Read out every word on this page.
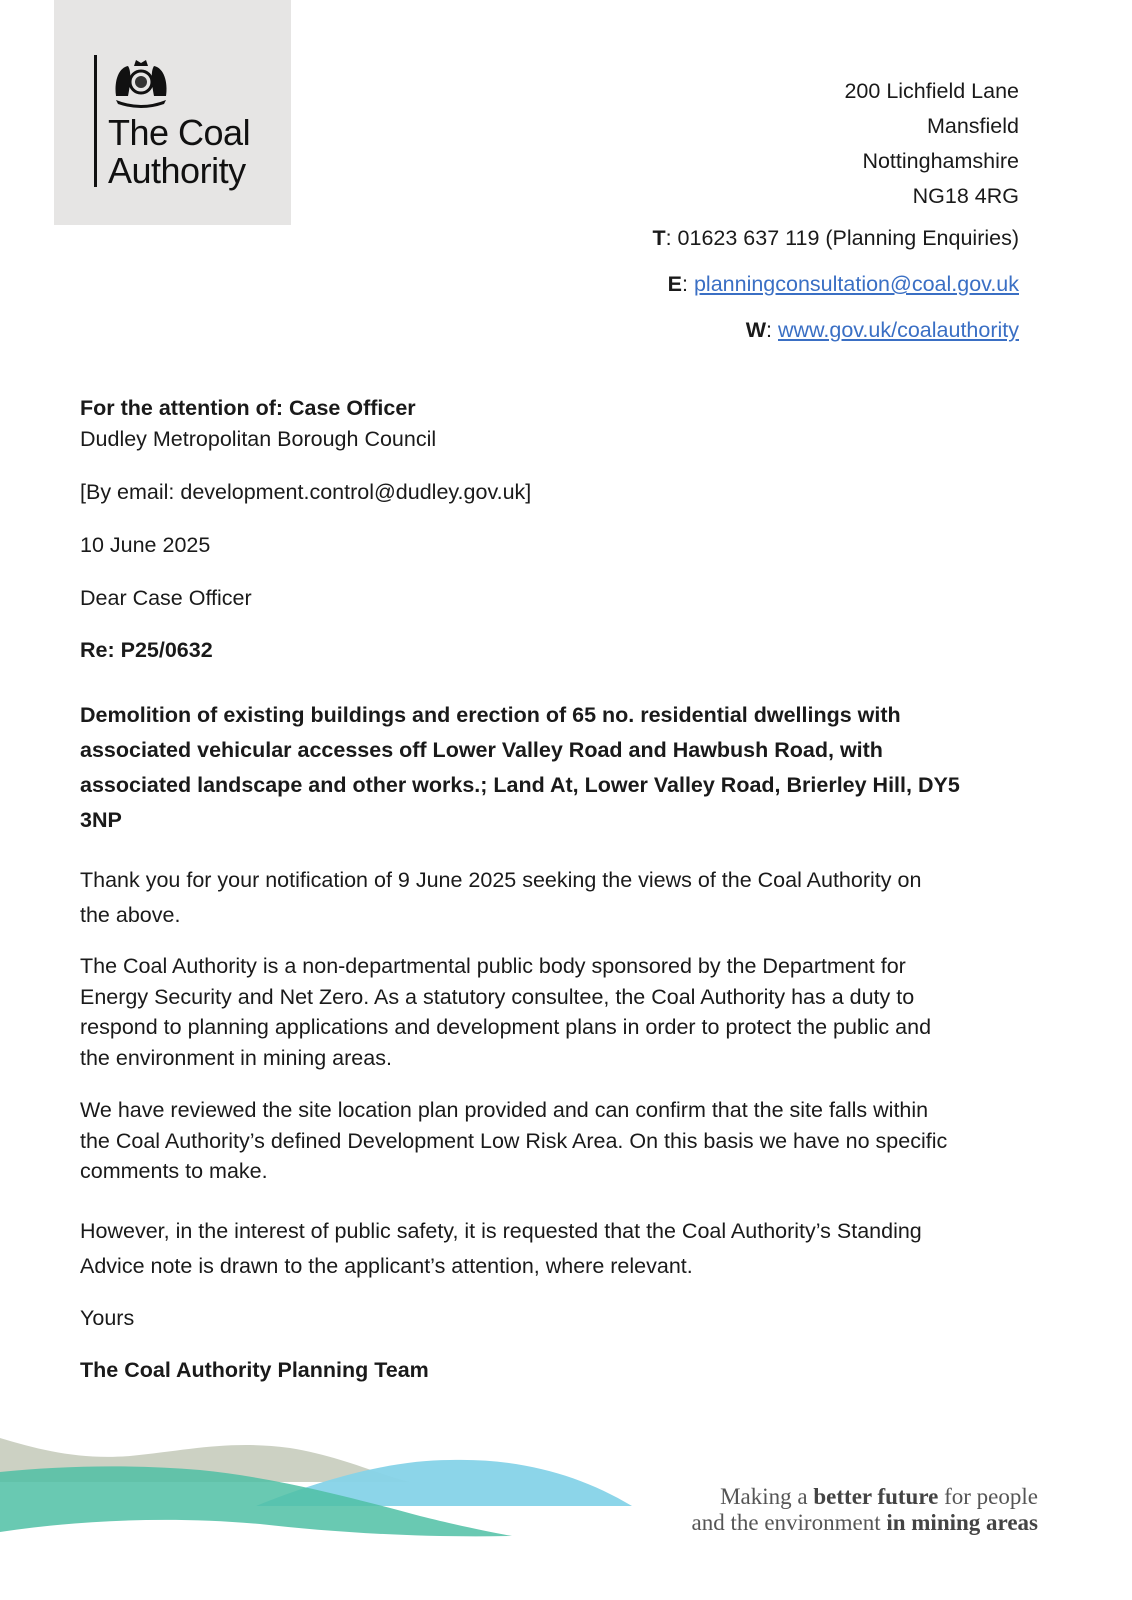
The Coal
Authority
200 Lichfield Lane
Mansfield
Nottinghamshire
NG18 4RG
T: 01623 637 119 (Planning Enquiries)
E: planningconsultation@coal.gov.uk
W: www.gov.uk/coalauthority
For the attention of: Case Officer
Dudley Metropolitan Borough Council
[By email: development.control@dudley.gov.uk]
10 June 2025
Dear Case Officer
Re: P25/0632
Demolition of existing buildings and erection of 65 no. residential dwellings with
associated vehicular accesses off Lower Valley Road and Hawbush Road, with
associated landscape and other works.; Land At, Lower Valley Road, Brierley Hill, DY5
3NP
Thank you for your notification of 9 June 2025 seeking the views of the Coal Authority on
the above.
The Coal Authority is a non-departmental public body sponsored by the Department for
Energy Security and Net Zero. As a statutory consultee, the Coal Authority has a duty to
respond to planning applications and development plans in order to protect the public and
the environment in mining areas.
We have reviewed the site location plan provided and can confirm that the site falls within
the Coal Authority’s defined Development Low Risk Area. On this basis we have no specific
comments to make.
However, in the interest of public safety, it is requested that the Coal Authority’s Standing
Advice note is drawn to the applicant’s attention, where relevant.
Yours
The Coal Authority Planning Team
Making a better future for people
and the environment in mining areas
